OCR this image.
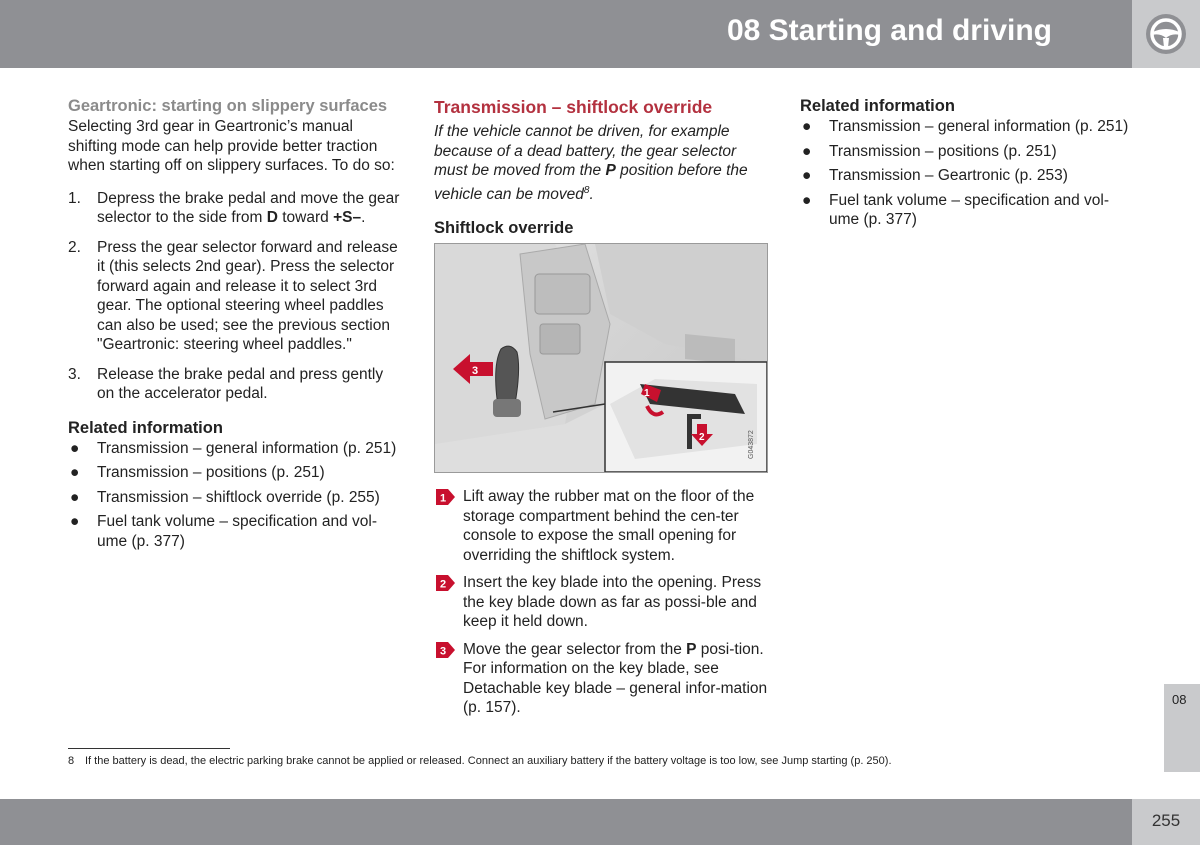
08 Starting and driving
Geartronic: starting on slippery surfaces

Selecting 3rd gear in Geartronic’s manual shifting mode can help provide better traction when starting off on slippery surfaces. To do so:

1. Depress the brake pedal and move the gear selector to the side from D toward +S–.
2. Press the gear selector forward and release it (this selects 2nd gear). Press the selector forward again and release it to select 3rd gear. The optional steering wheel paddles can also be used; see the previous section "Geartronic: steering wheel paddles."
3. Release the brake pedal and press gently on the accelerator pedal.
Related information
● Transmission – general information (p. 251)
● Transmission – positions (p. 251)
● Transmission – shiftlock override (p. 255)
● Fuel tank volume – specification and vol-ume (p. 377)
Transmission – shiftlock override

If the vehicle cannot be driven, for example because of a dead battery, the gear selector must be moved from the P position before the vehicle can be moved$^8$.

Shiftlock override
3
1
2	G043872
1 Lift away the rubber mat on the floor of the storage compartment behind the cen-ter console to expose the small opening for overriding the shiftlock system.
2 Insert the key blade into the opening. Press the key blade down as far as possi-ble and keep it held down.
3 Move the gear selector from the P posi-tion. For information on the key blade, see Detachable key blade – general infor-mation (p. 157).
Related information
● Transmission – general information (p. 251)
● Transmission – positions (p. 251)
● Transmission – Geartronic (p. 253)
● Fuel tank volume – specification and vol-ume (p. 377)
08
8 If the battery is dead, the electric parking brake cannot be applied or released. Connect an auxiliary battery if the battery voltage is too low, see Jump starting (p. 250).
255
